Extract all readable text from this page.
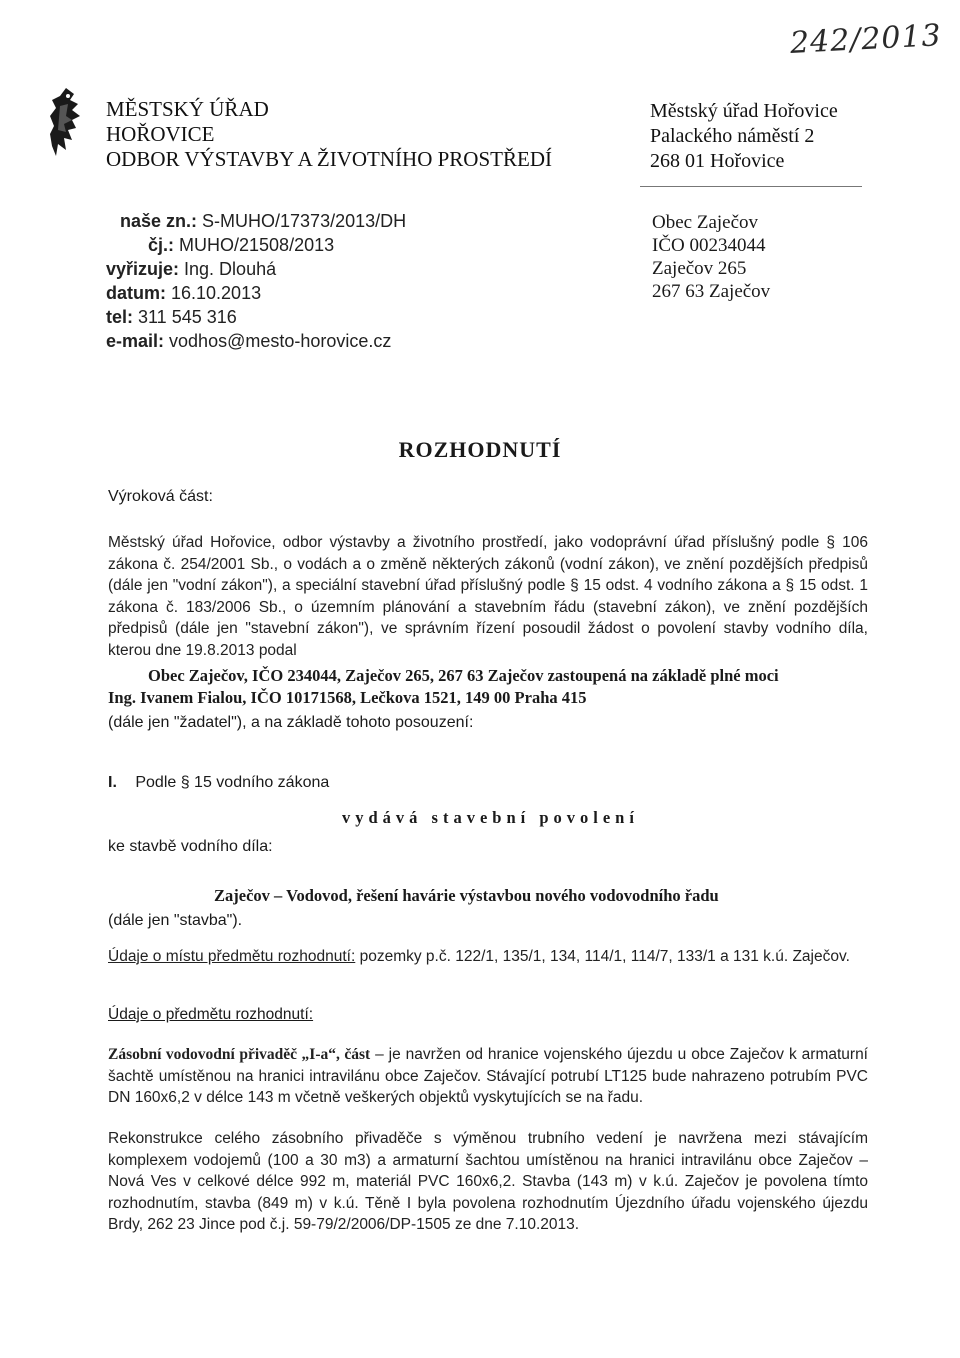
242/2013
MĚSTSKÝ ÚŘAD
HOŘOVICE
ODBOR VÝSTAVBY A ŽIVOTNÍHO PROSTŘEDÍ
Městský úřad Hořovice
Palackého náměstí 2
268 01 Hořovice
naše zn.: S-MUHO/17373/2013/DH
čj.: MUHO/21508/2013
vyřizuje: Ing. Dlouhá
datum: 16.10.2013
tel: 311 545 316
e-mail: vodhos@mesto-horovice.cz
Obec Zaječov
IČO 00234044
Zaječov 265
267 63 Zaječov
ROZHODNUTÍ
Výroková část:

Městský úřad Hořovice, odbor výstavby a životního prostředí, jako vodoprávní úřad příslušný podle § 106 zákona č. 254/2001 Sb., o vodách a o změně některých zákonů (vodní zákon), ve znění pozdějších předpisů (dále jen "vodní zákon"), a speciální stavební úřad příslušný podle § 15 odst. 4 vodního zákona a § 15 odst. 1 zákona č. 183/2006 Sb., o územním plánování a stavebním řádu (stavební zákon), ve znění pozdějších předpisů (dále jen "stavební zákon"), ve správním řízení posoudil žádost o povolení stavby vodního díla, kterou dne 19.8.2013 podal

Obec Zaječov, IČO 234044, Zaječov 265, 267 63 Zaječov zastoupená na základě plné moci
Ing. Ivanem Fialou, IČO 10171568, Lečkova 1521, 149 00 Praha 415
(dále jen "žadatel"), a na základě tohoto posouzení:
I. Podle § 15 vodního zákona
vydává stavební povolení
ke stavbě vodního díla:
Zaječov – Vodovod, řešení havárie výstavbou nového vodovodního řadu
(dále jen "stavba").

Údaje o místu předmětu rozhodnutí: pozemky p.č. 122/1, 135/1, 134, 114/1, 114/7, 133/1 a 131 k.ú. Zaječov.

Údaje o předmětu rozhodnutí:

Zásobní vodovodní přivaděč „I-a“, část – je navržen od hranice vojenského újezdu u obce Zaječov k armaturní šachtě umístěnou na hranici intravilánu obce Zaječov. Stávající potrubí LT125 bude nahrazeno potrubím PVC DN 160x6,2 v délce 143 m včetně veškerých objektů vyskytujících se na řadu.

Rekonstrukce celého zásobního přivaděče s výměnou trubního vedení je navržena mezi stávajícím komplexem vodojemů (100 a 30 m3) a armaturní šachtou umístěnou na hranici intravilánu obce Zaječov – Nová Ves v celkové délce 992 m, materiál PVC 160x6,2. Stavba (143 m) v k.ú. Zaječov je povolena tímto rozhodnutím, stavba (849 m) v k.ú. Těně I byla povolena rozhodnutím Újezdního úřadu vojenského újezdu Brdy, 262 23 Jince pod č.j. 59-79/2/2006/DP-1505 ze dne 7.10.2013.
